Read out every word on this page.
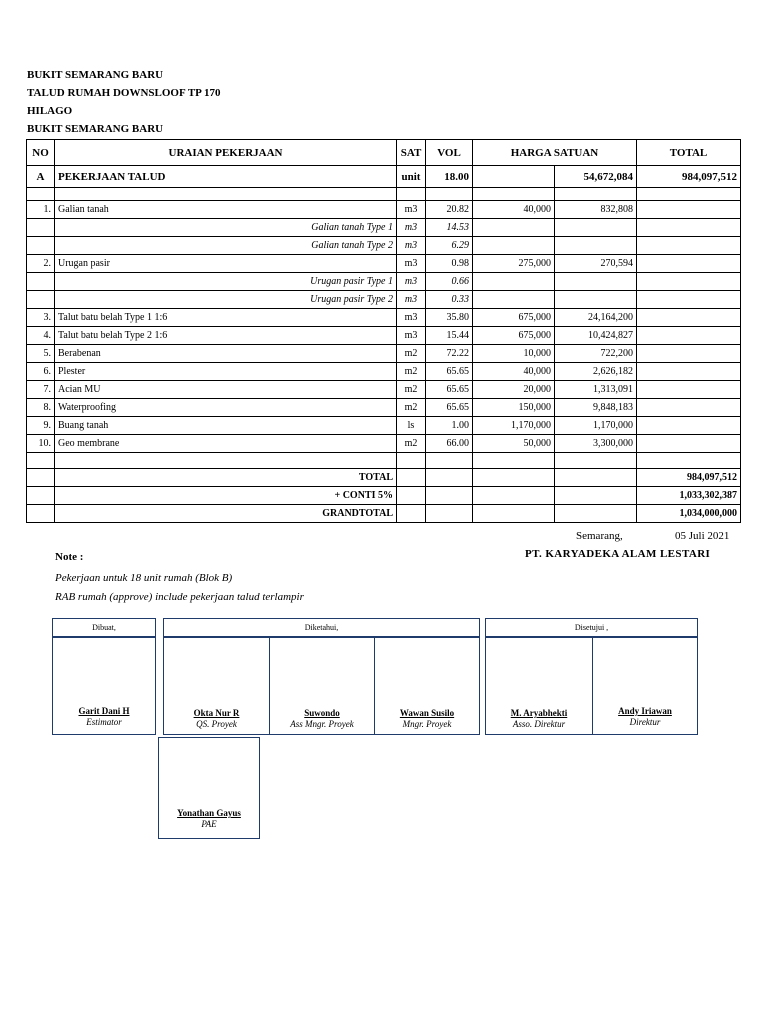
BUKIT SEMARANG BARU
TALUD RUMAH DOWNSLOOF TP 170
HILAGO
BUKIT SEMARANG BARU
NO	URAIAN PEKERJAAN	SAT	VOL	HARGA SATUAN		TOTAL
A	PEKERJAAN TALUD	unit	18.00		54,672,084	984,097,512

1.	Galian tanah	m3	20.82	40,000	832,808	
	Galian tanah Type 1	m3	14.53			
	Galian tanah Type 2	m3	6.29			
2.	Urugan pasir	m3	0.98	275,000	270,594	
	Urugan pasir Type 1	m3	0.66			
	Urugan pasir Type 2	m3	0.33			
3.	Talut batu belah Type 1 1:6	m3	35.80	675,000	24,164,200	
4.	Talut batu belah Type 2 1:6	m3	15.44	675,000	10,424,827	
5.	Berabenan	m2	72.22	10,000	722,200	
6.	Plester	m2	65.65	40,000	2,626,182	
7.	Acian MU	m2	65.65	20,000	1,313,091	
8.	Waterproofing	m2	65.65	150,000	9,848,183	
9.	Buang tanah	ls	1.00	1,170,000	1,170,000	
10.	Geo membrane	m2	66.00	50,000	3,300,000	

	TOTAL					984,097,512
	+ CONTI 5%					1,033,302,387
	GRANDTOTAL					1,034,000,000
Semarang,	05 Juli 2021
PT. KARYADEKA ALAM LESTARI
Note :
Pekerjaan untuk 18 unit rumah (Blok B)
RAB rumah (approve) include pekerjaan talud terlampir
Dibuat,	Diketahui,	Disetujui ,
Garit Dani H
Estimator
Okta Nur R
QS. Proyek
Suwondo
Ass Mngr. Proyek
Wawan Susilo
Mngr. Proyek
M. Aryabhekti
Asso. Direktur
Andy Iriawan
Direktur
Yonathan Gayus
PAE
